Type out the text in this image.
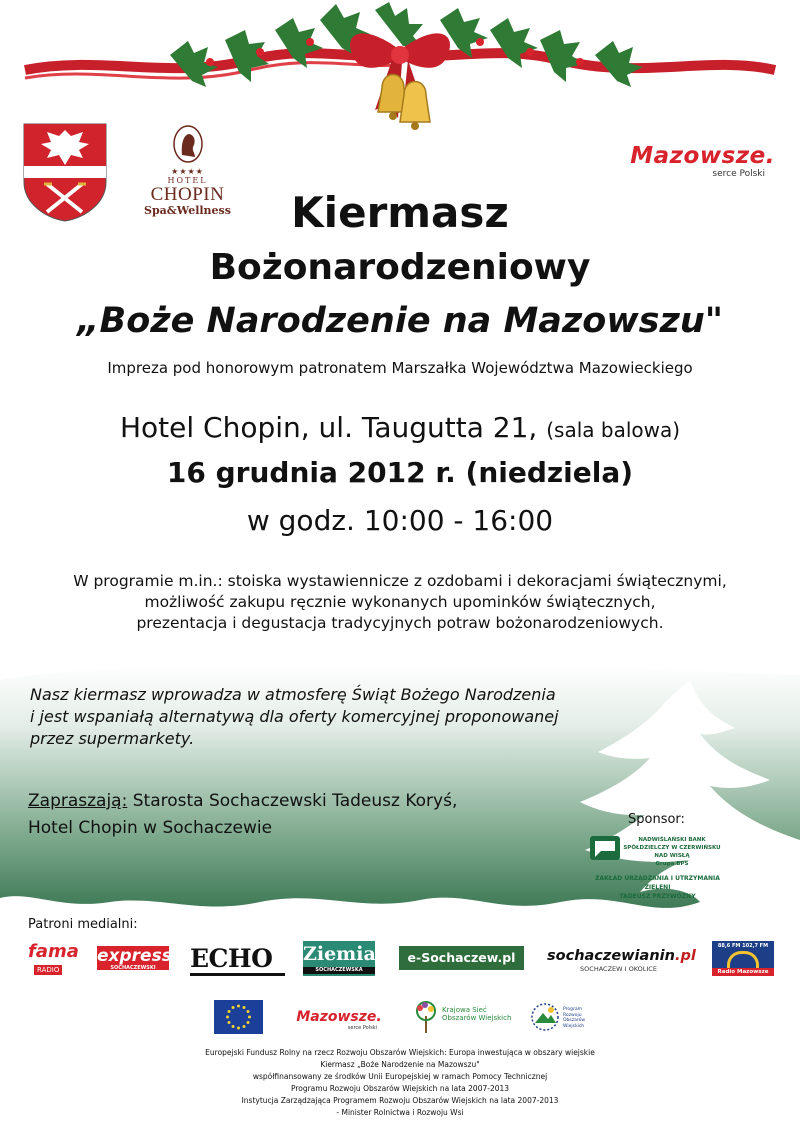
★★★★
HOTEL
CHOPIN
Spa&Wellness
Mazowsze.
serce Polski
Kiermasz
Bożonarodzeniowy
„Boże Narodzenie na Mazowszu"
Impreza pod honorowym patronatem Marszałka Województwa Mazowieckiego
Hotel Chopin, ul. Taugutta 21, (sala balowa)
16 grudnia 2012 r. (niedziela)
w godz. 10:00 - 16:00
W programie m.in.: stoiska wystawiennicze z ozdobami i dekoracjami świątecznymi,
możliwość zakupu ręcznie wykonanych upominków świątecznych,
prezentacja i degustacja tradycyjnych potraw bożonarodzeniowych.
Nasz kiermasz wprowadza w atmosferę Świąt Bożego Narodzenia
i jest wspaniałą alternatywą dla oferty komercyjnej proponowanej
przez supermarkety.
Zapraszają: Starosta Sochaczewski Tadeusz Koryś,
Hotel Chopin w Sochaczewie	Sponsor:
NADWIŚLAŃSKI BANK SPÓŁDZIELCZY W CZERWIŃSKU NAD WISŁĄ
Grupa BPS
ZAKŁAD URZĄDZANIA I UTRZYMANIA ZIELENI
TADEUSZ PRZYWÓZNY
Patroni medialni:
fama
RADIO
express
SOCHACZEWSKI	ECHO	Ziemia
SOCHACZEWSKA
e-Sochaczew.pl	sochaczewianin.pl
SOCHACZEW I OKOLICE
88,6 FM 102,7 FM
Radio Mazowsze
Mazowsze.
serce Polski
Krajowa Sieć
Obszarów Wiejskich
Program
Rozwoju
Obszarów
Wiejskich
Europejski Fundusz Rolny na rzecz Rozwoju Obszarów Wiejskich: Europa inwestująca w obszary wiejskie
Kiermasz „Boże Narodzenie na Mazowszu"
współfinansowany ze środków Unii Europejskiej w ramach Pomocy Technicznej
Programu Rozwoju Obszarów Wiejskich na lata 2007-2013
Instytucja Zarządzająca Programem Rozwoju Obszarów Wiejskich na lata 2007-2013
- Minister Rolnictwa i Rozwoju Wsi
